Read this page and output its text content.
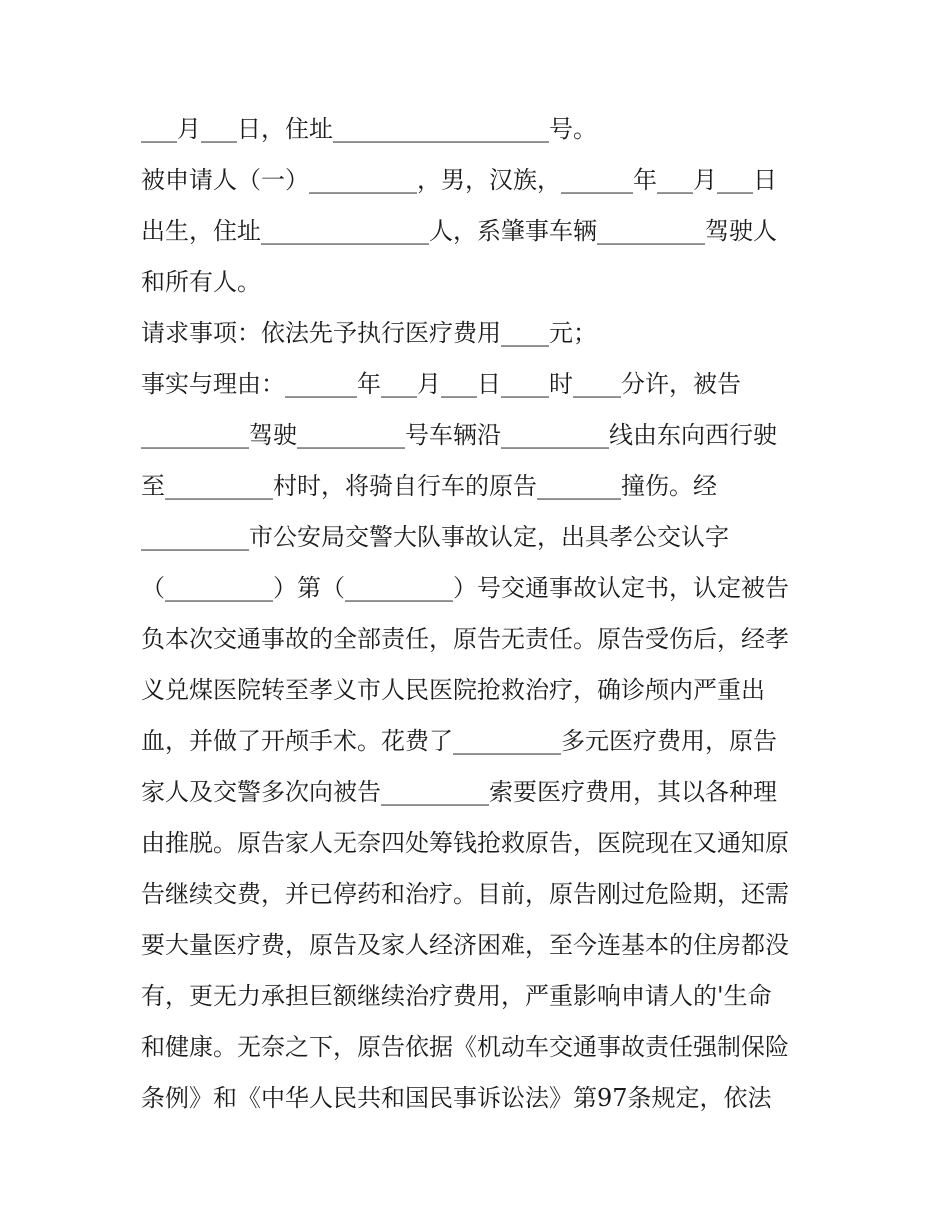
___月___日，住址__________________号。
被申请人（一）_________，男，汉族，______年___月___日
出生，住址______________人，系肇事车辆_________驾驶人
和所有人。
请求事项：依法先予执行医疗费用____元；
事实与理由：______年___月___日____时____分许，被告
_________驾驶_________号车辆沿_________线由东向西行驶
至_________村时，将骑自行车的原告_______撞伤。经
_________市公安局交警大队事故认定，出具孝公交认字
（_________）第（_________）号交通事故认定书，认定被告
负本次交通事故的全部责任，原告无责任。原告受伤后，经孝
义兑煤医院转至孝义市人民医院抢救治疗，确诊颅内严重出
血，并做了开颅手术。花费了_________多元医疗费用，原告
家人及交警多次向被告_________索要医疗费用，其以各种理
由推脱。原告家人无奈四处筹钱抢救原告，医院现在又通知原
告继续交费，并已停药和治疗。目前，原告刚过危险期，还需
要大量医疗费，原告及家人经济困难，至今连基本的住房都没
有，更无力承担巨额继续治疗费用，严重影响申请人的'生命
和健康。无奈之下，原告依据《机动车交通事故责任强制保险
条例》和《中华人民共和国民事诉讼法》第97条规定，依法
